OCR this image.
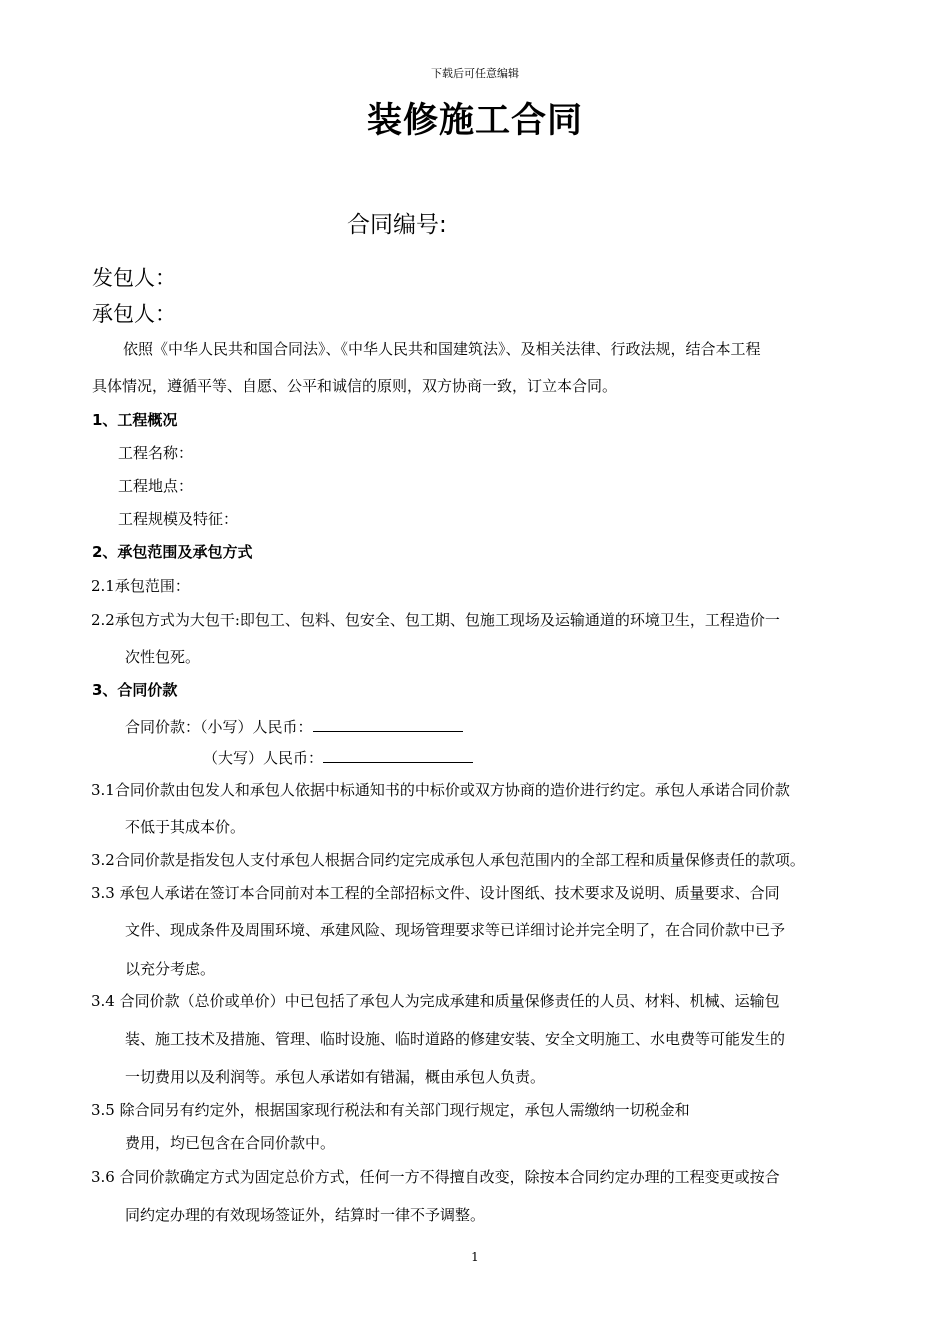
下载后可任意编辑

装修施工合同

合同编号:

发包人：

承包人：

依照《中华人民共和国合同法》、《中华人民共和国建筑法》、及相关法律、行政法规，结合本工程

具体情况，遵循平等、自愿、公平和诚信的原则，双方协商一致，订立本合同。

1、工程概况

工程名称：

工程地点：

工程规模及特征：

2、承包范围及承包方式

2.1承包范围：

2.2承包方式为大包干:即包工、包料、包安全、包工期、包施工现场及运输通道的环境卫生，工程造价一

次性包死。

3、合同价款

合同价款：（小写）人民币：

（大写）人民币：

3.1合同价款由包发人和承包人依据中标通知书的中标价或双方协商的造价进行约定。承包人承诺合同价款

不低于其成本价。

3.2合同价款是指发包人支付承包人根据合同约定完成承包人承包范围内的全部工程和质量保修责任的款项。

3.3 承包人承诺在签订本合同前对本工程的全部招标文件、设计图纸、技术要求及说明、质量要求、合同

文件、现成条件及周围环境、承建风险、现场管理要求等已详细讨论并完全明了，在合同价款中已予

以充分考虑。

3.4 合同价款（总价或单价）中已包括了承包人为完成承建和质量保修责任的人员、材料、机械、运输包

装、施工技术及措施、管理、临时设施、临时道路的修建安装、安全文明施工、水电费等可能发生的

一切费用以及利润等。承包人承诺如有错漏，概由承包人负责。

3.5 除合同另有约定外，根据国家现行税法和有关部门现行规定，承包人需缴纳一切税金和

费用，均已包含在合同价款中。

3.6 合同价款确定方式为固定总价方式，任何一方不得擅自改变，除按本合同约定办理的工程变更或按合

同约定办理的有效现场签证外，结算时一律不予调整。

1
